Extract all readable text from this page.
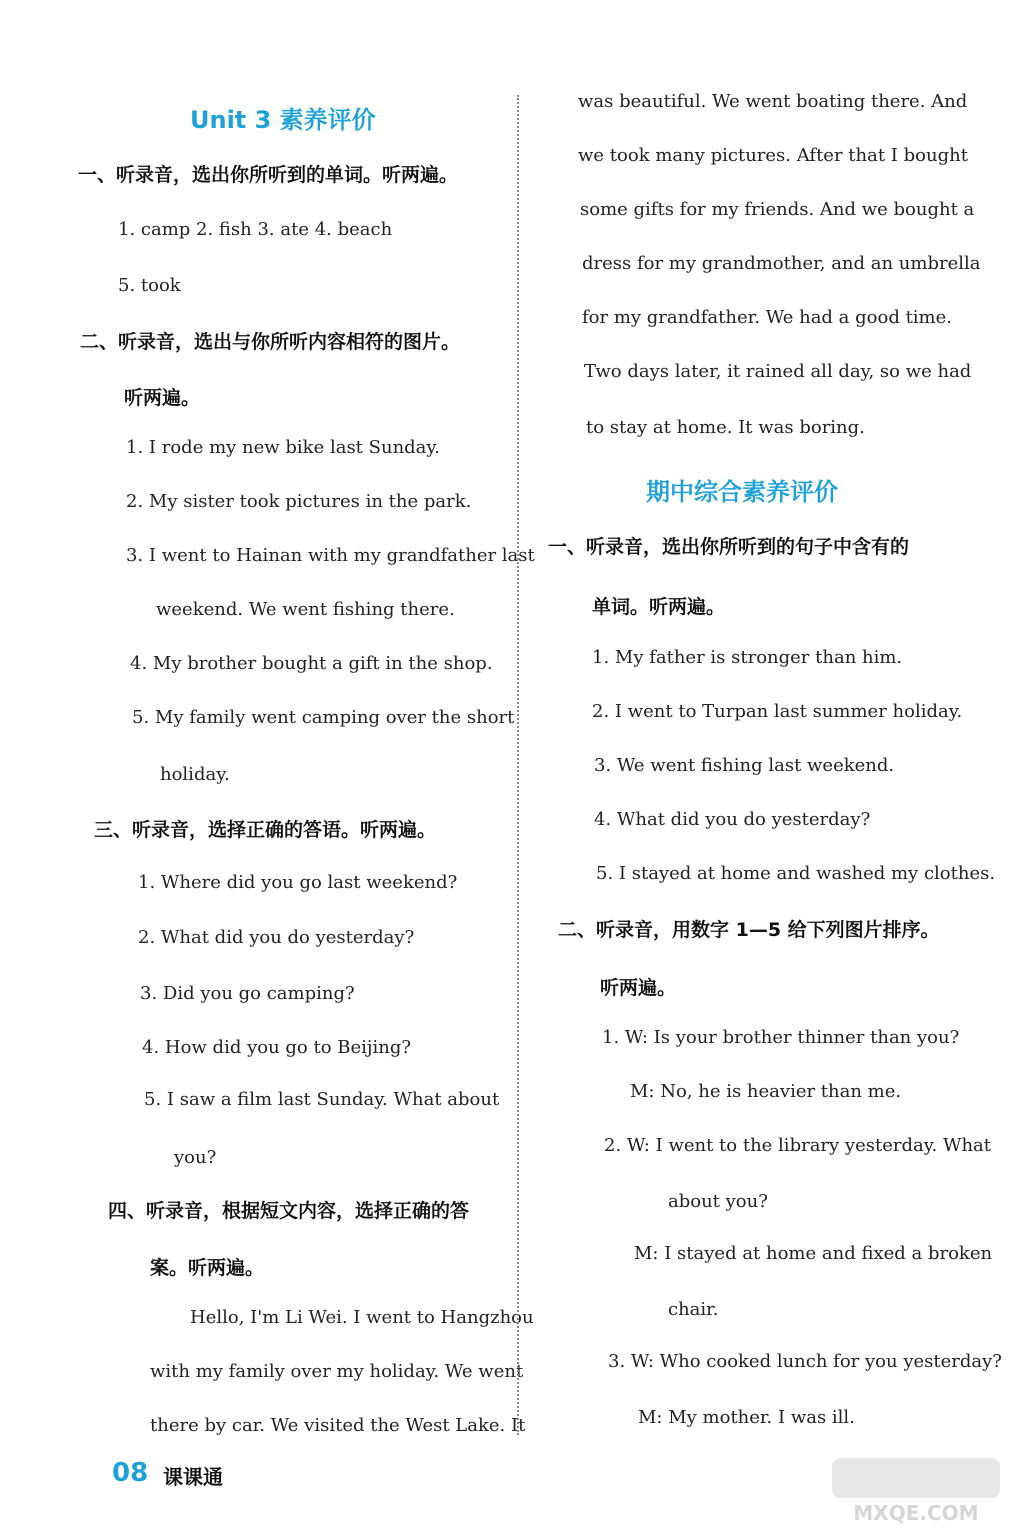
Unit 3 素养评价
一、听录音，选出你所听到的单词。听两遍。
1. camp 2. fish 3. ate 4. beach
5. took
二、听录音，选出与你所听内容相符的图片。
听两遍。
1. I rode my new bike last Sunday.
2. My sister took pictures in the park.
3. I went to Hainan with my grandfather last
weekend. We went fishing there.
4. My brother bought a gift in the shop.
5. My family went camping over the short
holiday.
三、听录音，选择正确的答语。听两遍。
1. Where did you go last weekend?
2. What did you do yesterday?
3. Did you go camping?
4. How did you go to Beijing?
5. I saw a film last Sunday. What about
you?
四、听录音，根据短文内容，选择正确的答
案。听两遍。
Hello, I'm Li Wei. I went to Hangzhou
with my family over my holiday. We went
there by car. We visited the West Lake. It
was beautiful. We went boating there. And
we took many pictures. After that I bought
some gifts for my friends. And we bought a
dress for my grandmother, and an umbrella
for my grandfather. We had a good time.
Two days later, it rained all day, so we had
to stay at home. It was boring.
期中综合素养评价
一、听录音，选出你所听到的句子中含有的
单词。听两遍。
1. My father is stronger than him.
2. I went to Turpan last summer holiday.
3. We went fishing last weekend.
4. What did you do yesterday?
5. I stayed at home and washed my clothes.
二、听录音，用数字 1—5 给下列图片排序。
听两遍。
1. W: Is your brother thinner than you?
M: No, he is heavier than me.
2. W: I went to the library yesterday. What
about you?
M: I stayed at home and fixed a broken
chair.
3. W: Who cooked lunch for you yesterday?
M: My mother. I was ill.
08 课课通
MXQE.COM
